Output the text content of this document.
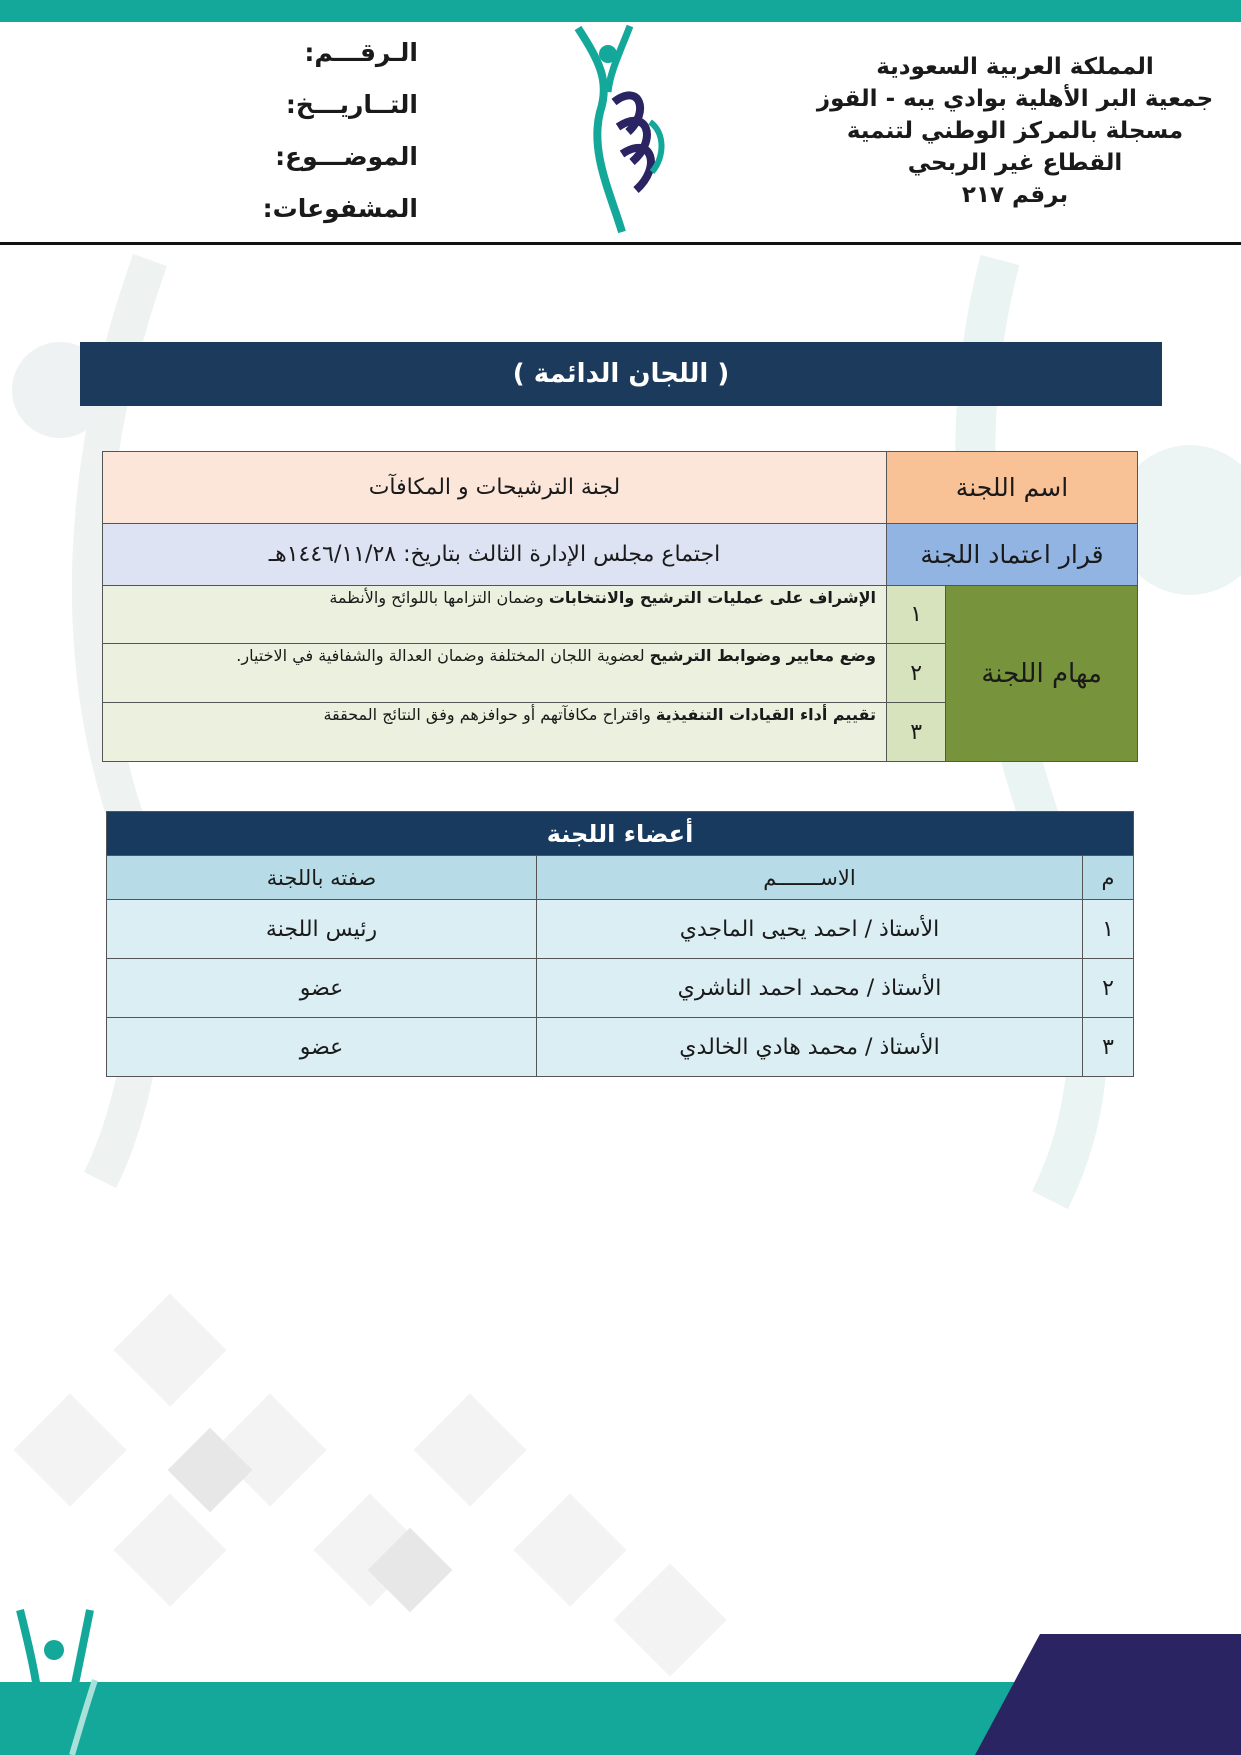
المملكة العربية السعودية
جمعية البر الأهلية بوادي يبه - القوز
مسجلة بالمركز الوطني لتنمية
القطاع غير الربحي
برقم ٢١٧
الـرقـــم:
التــاريـــخ:
الموضـــوع:
المشفوعات:
( اللجان الدائمة )
اسم اللجنة		لجنة الترشيحات و المكافآت
قرار اعتماد اللجنة		اجتماع مجلس الإدارة الثالث بتاريخ: ١٤٤٦/١١/٢٨هـ
مهام اللجنة	١	الإشراف على عمليات الترشيح والانتخابات وضمان التزامها باللوائح والأنظمة
	٢	وضع معايير وضوابط الترشيح لعضوية اللجان المختلفة وضمان العدالة والشفافية في الاختيار.
	٣	تقييم أداء القيادات التنفيذية واقتراح مكافآتهم أو حوافزهم وفق النتائج المحققة
أعضاء اللجنة		
م	الاســـــــم	صفته باللجنة
١	الأستاذ / احمد يحيى الماجدي	رئيس اللجنة
٢	الأستاذ / محمد احمد الناشري	عضو
٣	الأستاذ / محمد هادي الخالدي	عضو
